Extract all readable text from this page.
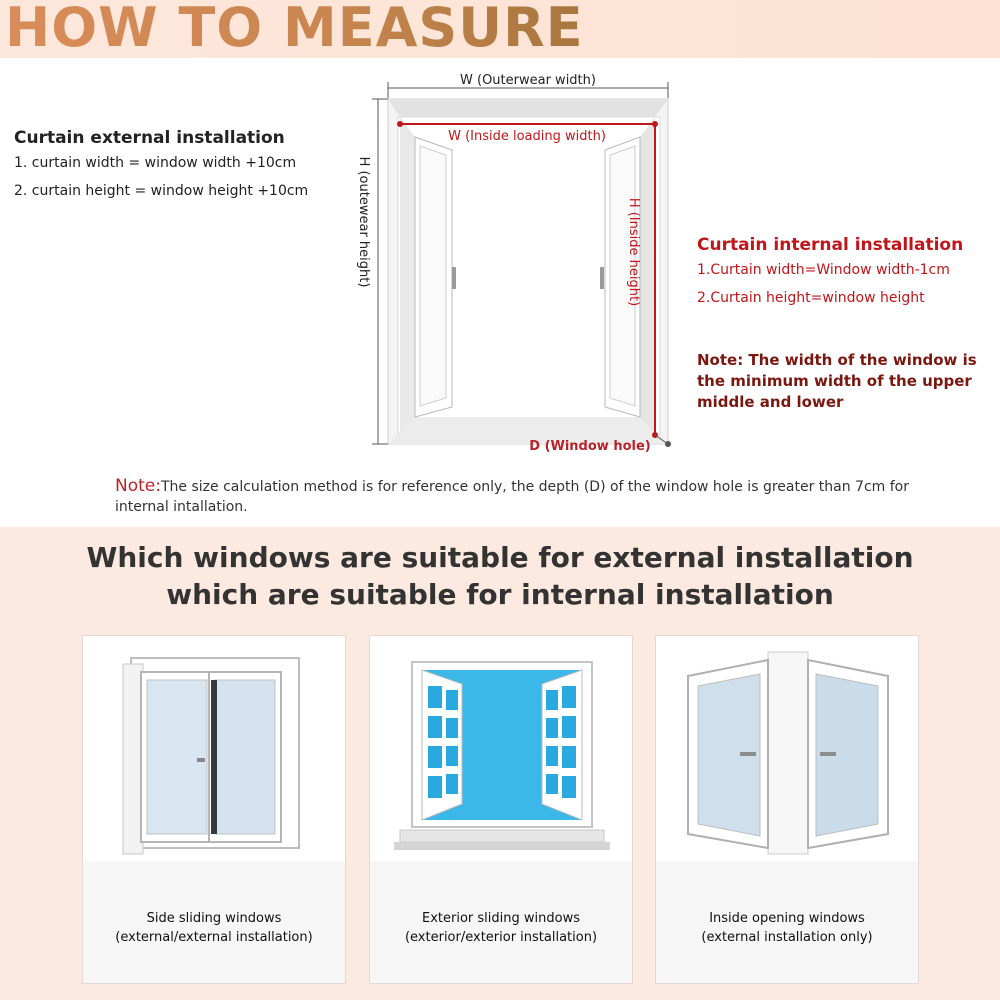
HOW TO MEASURE
Curtain external installation
1. curtain width = window width +10cm
2. curtain height = window height +10cm
W (Outerwear width)
H (outewear height)
W (Inside loading width)
H (Inside height)
D (Window hole)
Curtain internal installation
1.Curtain width=Window width-1cm
2.Curtain height=window height
Note: The width of the window is the minimum width of the upper middle and lower
Note:The size calculation method is for reference only, the depth (D) of the window hole is greater than 7cm for internal intallation.
Which windows are suitable for external installation
which are suitable for internal installation
Side sliding windows
(external/external installation)
Exterior sliding windows
(exterior/exterior installation)
Inside opening windows
(external installation only)
